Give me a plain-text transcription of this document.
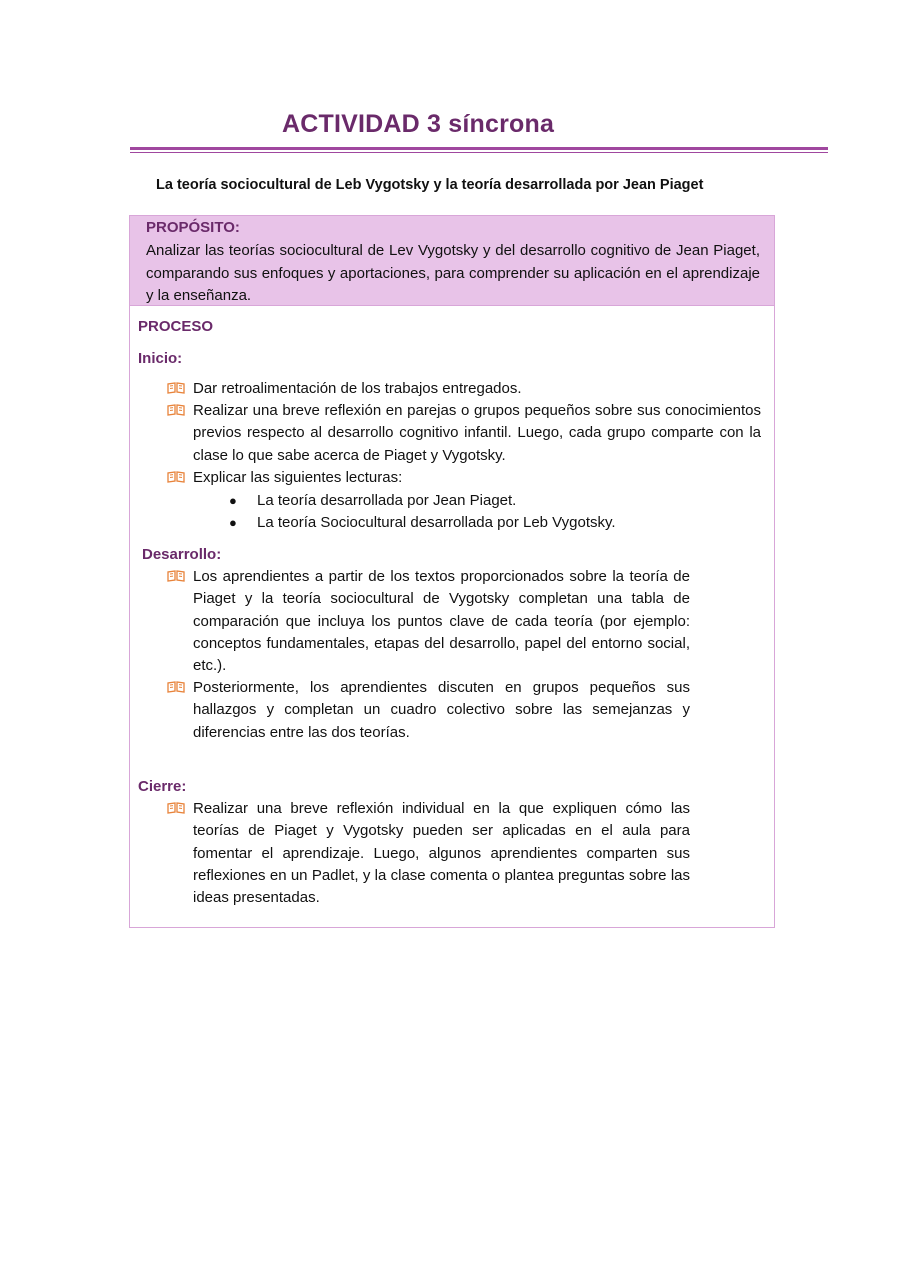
ACTIVIDAD 3 síncrona
La teoría sociocultural de Leb Vygotsky y la teoría desarrollada por Jean Piaget
PROPÓSITO:
Analizar las teorías sociocultural de Lev Vygotsky y del desarrollo cognitivo de Jean Piaget, comparando sus enfoques y aportaciones, para comprender su aplicación en el aprendizaje y la enseñanza.
PROCESO
Inicio:
Dar retroalimentación de los trabajos entregados.
Realizar una breve reflexión en parejas o grupos pequeños sobre sus conocimientos previos respecto al desarrollo cognitivo infantil. Luego, cada grupo comparte con la clase lo que sabe acerca de Piaget y Vygotsky.
Explicar las siguientes lecturas:
● La teoría desarrollada por Jean Piaget.
● La teoría Sociocultural desarrollada por Leb Vygotsky.
Desarrollo:
Los aprendientes a partir de los textos proporcionados sobre la teoría de Piaget y la teoría sociocultural de Vygotsky completan una tabla de comparación que incluya los puntos clave de cada teoría (por ejemplo: conceptos fundamentales, etapas del desarrollo, papel del entorno social, etc.).
Posteriormente, los aprendientes discuten en grupos pequeños sus hallazgos y completan un cuadro colectivo sobre las semejanzas y diferencias entre las dos teorías.
Cierre:
Realizar una breve reflexión individual en la que expliquen cómo las teorías de Piaget y Vygotsky pueden ser aplicadas en el aula para fomentar el aprendizaje. Luego, algunos aprendientes comparten sus reflexiones en un Padlet, y la clase comenta o plantea preguntas sobre las ideas presentadas.
